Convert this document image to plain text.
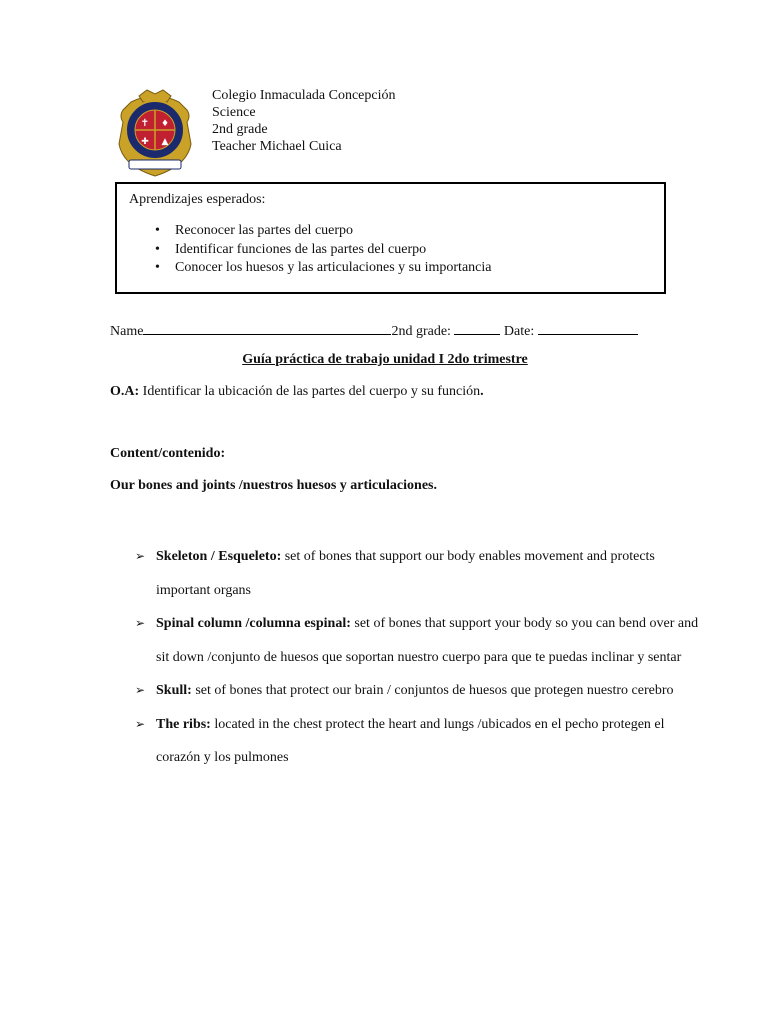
✝ ♦
✚ ▲
Colegio Inmaculada Concepción
Science
2nd grade
Teacher Michael Cuica
Aprendizajes esperados:
• Reconocer las partes del cuerpo
• Identificar funciones de las partes del cuerpo
• Conocer los huesos y las articulaciones y su importancia
Name	2nd grade:	Date:
Guía práctica de trabajo unidad I 2do trimestre
O.A: Identificar la ubicación de las partes del cuerpo y su función.
Content/contenido:
Our bones and joints /nuestros huesos y articulaciones.
➢ Skeleton / Esqueleto: set of bones that support our body enables movement and protects important organs
➢ Spinal column /columna espinal: set of bones that support your body so you can bend over and sit down /conjunto de huesos que soportan nuestro cuerpo para que te puedas inclinar y sentar
➢ Skull: set of bones that protect our brain / conjuntos de huesos que protegen nuestro cerebro
➢ The ribs: located in the chest protect the heart and lungs /ubicados en el pecho protegen el corazón y los pulmones
